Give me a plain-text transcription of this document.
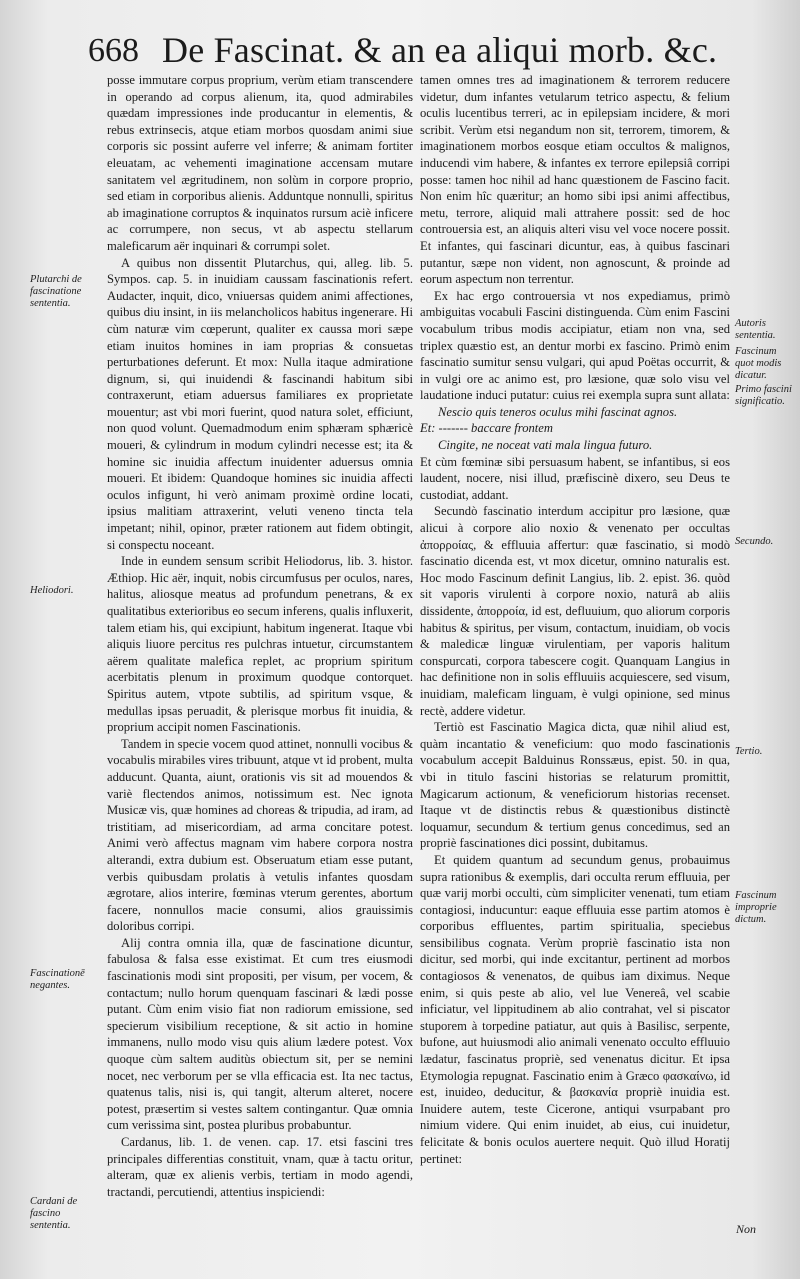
668 De Fascinat. & an ea aliqui morb. &c.

posse immutare corpus proprium, verùm etiam transcendere in operando ad corpus alienum, ita, quod admirabiles quædam impressiones inde producantur in elementis, & rebus extrinsecis, atque etiam morbos quosdam animi siue corporis sic possint auferre vel inferre; & animam fortiter eleuatam, ac vehementi imaginatione accensam mutare sanitatem vel ægritudinem, non solùm in corpore proprio, sed etiam in corporibus alienis. Adduntque nonnulli, spiritus ab imaginatione corruptos & inquinatos rursum aciè inficere ac corrumpere, non secus, vt ab aspectu stellarum maleficarum aër inquinari & corrumpi solet.

A quibus non dissentit Plutarchus, qui, alleg. lib. 5. Sympos. cap. 5. in inuidiam caussam fascinationis refert. Audacter, inquit, dico, vniuersas quidem animi affectiones, quibus diu insint, in iis melancholicos habitus ingenerare. Hi cùm naturæ vim cœperunt, qualiter ex caussa mori sæpe etiam inuitos homines in iam proprias & consuetas perturbationes deferunt. Et mox: Nulla itaque admiratione dignum, si, qui inuidendi & fascinandi habitum sibi contraxerunt, etiam aduersus familiares ex proprietate mouentur; ast vbi mori fuerint, quod natura solet, efficiunt, non quod volunt. Quemadmodum enim sphæram sphæricè moueri, & cylindrum in modum cylindri necesse est; ita & homine sic inuidia affectum inuidenter aduersus omnia moueri. Et ibidem: Quandoque homines sic inuidia affecti oculos infigunt, hi verò animam proximè ordine locati, ipsius malitiam attraxerint, veluti veneno tincta tela impetant; nihil, opinor, præter rationem aut fidem obtingit, si conspectu noceant.

Inde in eundem sensum scribit Heliodorus, lib. 3. histor. Æthiop. Hic aër, inquit, nobis circumfusus per oculos, nares, halitus, aliosque meatus ad profundum penetrans, & ex qualitatibus exterioribus eo secum inferens, qualis influxerit, talem etiam his, qui excipiunt, habitum ingenerat. Itaque vbi aliquis liuore percitus res pulchras intuetur, circumstantem aërem qualitate malefica replet, ac proprium spiritum acerbitatis plenum in proximum quodque contorquet. Spiritus autem, vtpote subtilis, ad spiritum vsque, & medullas ipsas peruadit, & plerisque morbus fit inuidia, & proprium accipit nomen Fascinationis.

Tandem in specie vocem quod attinet, nonnulli vocibus & vocabulis mirabiles vires tribuunt, atque vt id probent, multa adducunt. Quanta, aiunt, orationis vis sit ad mouendos & variè flectendos animos, notissimum est. Nec ignota Musicæ vis, quæ homines ad choreas & tripudia, ad iram, ad tristitiam, ad misericordiam, ad arma concitare potest. Animi verò affectus magnam vim habere corpora nostra alterandi, extra dubium est. Obseruatum etiam esse putant, verbis quibusdam prolatis à vetulis infantes quosdam ægrotare, alios interire, fœminas vterum gerentes, abortum facere, nonnullos macie consumi, alios grauissimis doloribus corripi.

Alij contra omnia illa, quæ de fascinatione dicuntur, fabulosa & falsa esse existimat. Et cum tres eiusmodi fascinationis modi sint propositi, per visum, per vocem, & contactum; nullo horum quenquam fascinari & lædi posse putant. Cùm enim visio fiat non radiorum emissione, sed specierum visibilium receptione, & sit actio in homine immanens, nullo modo visu quis alium lædere potest. Vox quoque cùm saltem auditùs obiectum sit, per se nemini nocet, nec verborum per se vlla efficacia est. Ita nec tactus, quatenus talis, nisi is, qui tangit, alterum alteret, nocere potest, præsertim si vestes saltem contingantur. Quæ omnia cum verissima sint, postea pluribus probabuntur.

Cardanus, lib. 1. de venen. cap. 17. etsi fascini tres principales differentias constituit, vnam, quæ à tactu oritur, alteram, quæ ex alienis verbis, tertiam in modo agendi, tractandi, percutiendi, attentius inspiciendi:

tamen omnes tres ad imaginationem & terrorem reducere videtur, dum infantes vetularum tetrico aspectu, & felium oculis lucentibus terreri, ac in epilepsiam incidere, & mori scribit. Verùm etsi negandum non sit, terrorem, timorem, & imaginationem morbos eosque etiam occultos & malignos, inducendi vim habere, & infantes ex terrore epilepsiâ corripi posse: tamen hoc nihil ad hanc quæstionem de Fascino facit. Non enim hîc quæritur; an homo sibi ipsi animi affectibus, metu, terrore, aliquid mali attrahere possit: sed de hoc controuersia est, an aliquis alteri visu vel voce nocere possit. Et infantes, qui fascinari dicuntur, eas, à quibus fascinari putantur, sæpe non vident, non agnoscunt, & proinde ad eorum aspectum non terrentur.

Ex hac ergo controuersia vt nos expediamus, primò ambiguitas vocabuli Fascini distinguenda. Cùm enim Fascini vocabulum tribus modis accipiatur, etiam non vna, sed triplex quæstio est, an dentur morbi ex fascino. Primò enim fascinatio sumitur sensu vulgari, qui apud Poëtas occurrit, & in vulgi ore ac animo est, pro læsione, quæ solo visu vel laudatione induci putatur: cuius rei exempla supra sunt allata:

Nescio quis teneros oculus mihi fascinat agnos.

Et: ------- baccare frontem

Cingite, ne noceat vati mala lingua futuro.

Et cùm fœminæ sibi persuasum habent, se infantibus, si eos laudent, nocere, nisi illud, præfiscinè dixero, seu Deus te custodiat, addant.

Secundò fascinatio interdum accipitur pro læsione, quæ alicui à corpore alio noxio & venenato per occultas ἀπορροίας, & effluuia affertur: quæ fascinatio, si modò fascinatio dicenda est, vt mox dicetur, omnino naturalis est. Hoc modo Fascinum definit Langius, lib. 2. epist. 36. quòd sit vaporis virulenti à corpore noxio, naturâ ab aliis dissidente, ἀπορροία, id est, defluuium, quo aliorum corporis habitus & spiritus, per visum, contactum, inuidiam, ob vocis & maledicæ linguæ virulentiam, per vaporis halitum conspurcati, corpora tabescere cogit. Quanquam Langius in hac definitione non in solis effluuiis acquiescere, sed visum, inuidiam, maleficam linguam, è vulgi opinione, sed minus rectè, addere videtur.

Tertiò est Fascinatio Magica dicta, quæ nihil aliud est, quàm incantatio & veneficium: quo modo fascinationis vocabulum accepit Balduinus Ronssæus, epist. 50. in qua, vbi in titulo fascini historias se relaturum promittit, Magicarum actionum, & veneficiorum historias recenset. Itaque vt de distinctis rebus & quæstionibus distinctè loquamur, secundum & tertium genus concedimus, sed an propriè fascinationes dici possint, dubitamus.

Et quidem quantum ad secundum genus, probauimus supra rationibus & exemplis, dari occulta rerum effluuia, per quæ varij morbi occulti, cùm simpliciter venenati, tum etiam contagiosi, inducuntur: eaque effluuia esse partim atomos è corporibus effluentes, partim spiritualia, speciebus sensibilibus cognata. Verùm propriè fascinatio ista non dicitur, sed morbi, qui inde excitantur, pertinent ad morbos contagiosos & venenatos, de quibus iam diximus. Neque enim, si quis peste ab alio, vel lue Venereâ, vel scabie inficiatur, vel lippitudinem ab alio contrahat, vel si piscator stuporem à torpedine patiatur, aut quis à Basilisc, serpente, bufone, aut huiusmodi alio animali venenato occulto effluuio lædatur, fascinatus propriè, sed venenatus dicitur. Et ipsa Etymologia repugnat. Fascinatio enim à Græco φασκαίνω, id est, inuideo, deducitur, & βασκανία propriè inuidia est. Inuidere autem, teste Cicerone, antiqui vsurpabant pro nimium videre. Qui enim inuidet, ab eius, cui inuidetur, felicitate & bonis oculos auertere nequit. Quò illud Horatij pertinet:

Plutarchi de fascinatione sententia.
Heliodori.
Fascinationē negantes.
Cardani de fascino sententia.
Autoris sententia.
Fascinum quot modis dicatur.
Primo fascini significatio.
Secundo.
Tertio.
Fascinum improprie dictum.
Non
